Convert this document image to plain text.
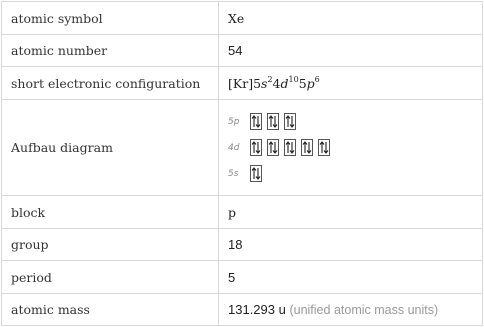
atomic symbol	Xe
atomic number	54
short electronic configuration	$[Kr]5s^24d^{10}5p^6$
Aufbau diagram	5p
4d
5s

block	p
group	18
period	5
atomic mass	131.293 u (unified atomic mass units)
